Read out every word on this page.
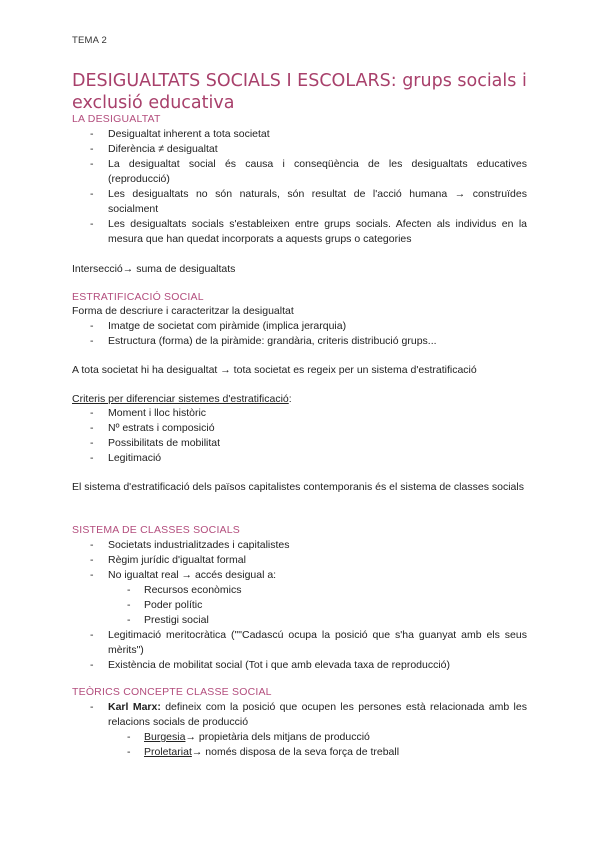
TEMA 2
DESIGUALTATS SOCIALS I ESCOLARS: grups socials i exclusió educativa
LA DESIGUALTAT
- Desigualtat inherent a tota societat
- Diferència ≠ desigualtat
- La desigualtat social és causa i conseqüència de les desigualtats educatives (reproducció)
- Les desigualtats no són naturals, són resultat de l'acció humana → construïdes socialment
- Les desigualtats socials s'estableixen entre grups socials. Afecten als individus en la mesura que han quedat incorporats a aquests grups o categories
Intersecció→ suma de desigualtats
ESTRATIFICACIÓ SOCIAL
Forma de descriure i caracteritzar la desigualtat
- Imatge de societat com piràmide (implica jerarquia)
- Estructura (forma) de la piràmide: grandària, criteris distribució grups...
A tota societat hi ha desigualtat → tota societat es regeix per un sistema d'estratificació
Criteris per diferenciar sistemes d'estratificació:
- Moment i lloc històric
- Nº estrats i composició
- Possibilitats de mobilitat
- Legitimació
El sistema d'estratificació dels països capitalistes contemporanis és el sistema de classes socials
SISTEMA DE CLASSES SOCIALS
- Societats industrialitzades i capitalistes
- Règim jurídic d'igualtat formal
- No igualtat real → accés desigual a:
- Recursos econòmics
- Poder polític
- Prestigi social
- Legitimació meritocràtica (""Cadascú ocupa la posició que s'ha guanyat amb els seus mèrits")
- Existència de mobilitat social (Tot i que amb elevada taxa de reproducció)
TEÒRICS CONCEPTE CLASSE SOCIAL
- Karl Marx: defineix com la posició que ocupen les persones està relacionada amb les relacions socials de producció
- Burgesia→ propietària dels mitjans de producció
- Proletariat→ només disposa de la seva força de treball
